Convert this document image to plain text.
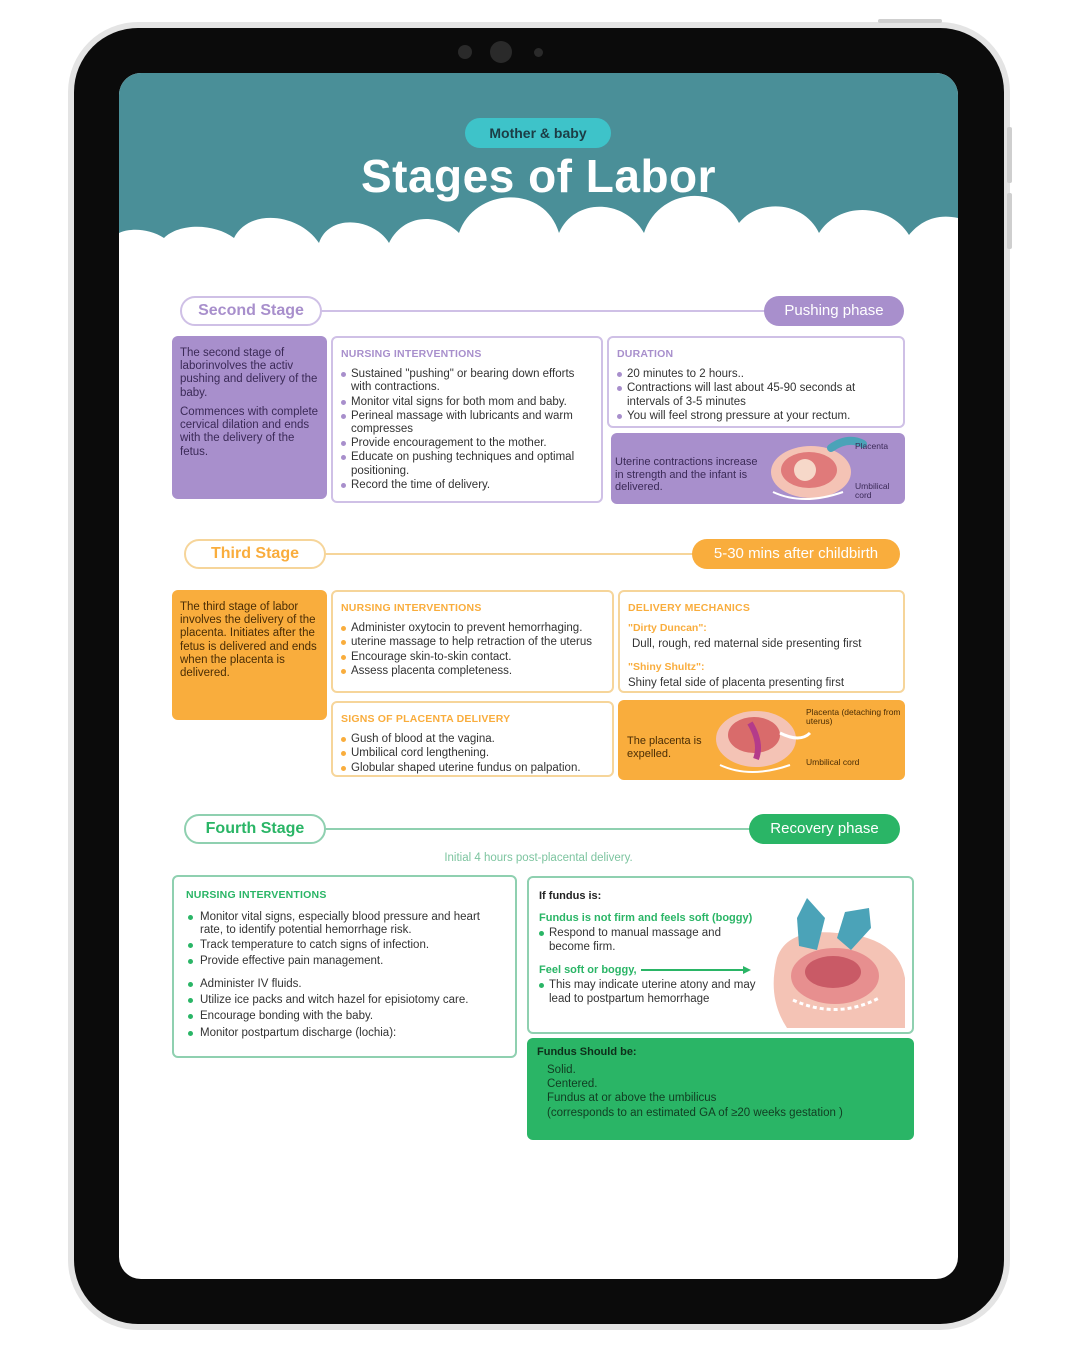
Mother & baby
Stages of Labor
Second Stage	Pushing phase

The second stage of laborinvolves the activ pushing and delivery of the baby.

Commences with complete cervical dilation and ends with the delivery of the fetus.

NURSING INTERVENTIONS
Sustained "pushing" or bearing down efforts with contractions.
Monitor vital signs for both mom and baby.
Perineal massage with lubricants and warm compresses
Provide encouragement to the mother.
Educate on pushing techniques and optimal positioning.
Record the time of delivery.
DURATION
20 minutes to 2 hours..
Contractions will last about 45-90 seconds at intervals of 3-5 minutes
You will feel strong pressure at your rectum.
Uterine contractions increase in strength and the infant is delivered.
Placenta
Umbilical cord
Third Stage	5-30 mins after childbirth

The third stage of labor involves the delivery of the placenta. Initiates after the fetus is delivered and ends when the placenta is delivered.

NURSING INTERVENTIONS
Administer oxytocin to prevent hemorrhaging.
uterine massage to help retraction of the uterus
Encourage skin-to-skin contact.
Assess placenta completeness.
DELIVERY MECHANICS
"Dirty Duncan":
Dull, rough, red maternal side presenting first
"Shiny Shultz":
Shiny fetal side of placenta presenting first
SIGNS OF PLACENTA DELIVERY
Gush of blood at the vagina.
Umbilical cord lengthening.
Globular shaped uterine fundus on palpation.
The placenta is expelled.
Placenta (detaching from uterus)
Umbilical cord
Fourth Stage	Recovery phase
Initial 4 hours post-placental delivery.
NURSING INTERVENTIONS
Monitor vital signs, especially blood pressure and heart rate, to identify potential hemorrhage risk.
Track temperature to catch signs of infection.
Provide effective pain management.
Administer IV fluids.
Utilize ice packs and witch hazel for episiotomy care.
Encourage bonding with the baby.
Monitor postpartum discharge (lochia):
If fundus is:
Fundus is not firm and feels soft (boggy)
Respond to manual massage and become firm.
Feel soft or boggy,
This may indicate uterine atony and may lead to postpartum hemorrhage
Fundus Should be:
Solid.
Centered.
Fundus at or above the umbilicus
(corresponds to an estimated GA of ≥20 weeks gestation )
